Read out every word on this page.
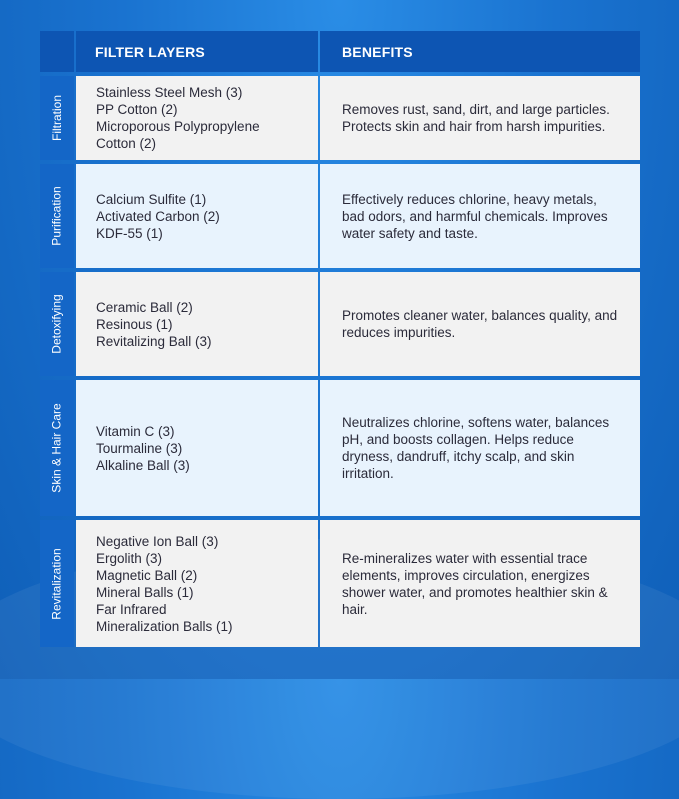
FILTER LAYERS	BENEFITS
Filtration
Stainless Steel Mesh (3)
PP Cotton (2)
Microporous Polypropylene
Cotton (2)
Removes rust, sand, dirt, and large particles. Protects skin and hair from harsh impurities.
Purification Calcium Sulfite (1)
Activated Carbon (2)
KDF-55 (1)
Effectively reduces chlorine, heavy metals, bad odors, and harmful chemicals. Improves water safety and taste.
Detoxifying Ceramic Ball (2)
Resinous (1)
Revitalizing Ball (3)
Promotes cleaner water, balances quality, and reduces impurities.
Skin & Hair Care Vitamin C (3)
Tourmaline (3)
Alkaline Ball (3)
Neutralizes chlorine, softens water, balances pH, and boosts collagen. Helps reduce dryness, dandruff, itchy scalp, and skin irritation.
Revitalization
Negative Ion Ball (3)
Ergolith (3)
Magnetic Ball (2)
Mineral Balls (1)
Far Infrared
Mineralization Balls (1)
Re-mineralizes water with essential trace elements, improves circulation, energizes shower water, and promotes healthier skin & hair.
